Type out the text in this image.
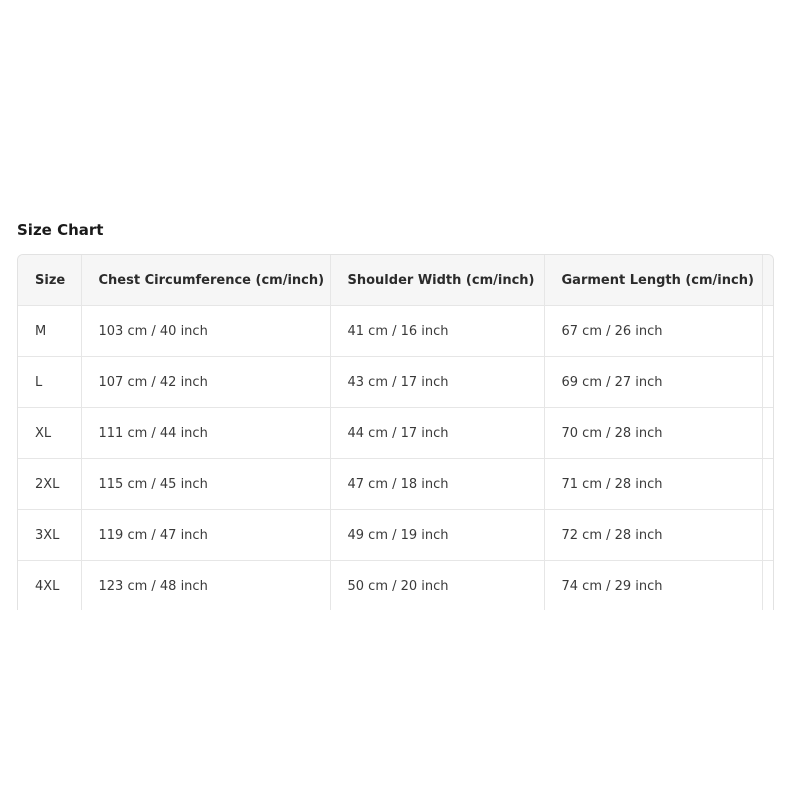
Size Chart
Size	Chest Circumference (cm/inch)	Shoulder Width (cm/inch)	Garment Length (cm/inch)	
M	103 cm / 40 inch	41 cm / 16 inch	67 cm / 26 inch	
L	107 cm / 42 inch	43 cm / 17 inch	69 cm / 27 inch	
XL	111 cm / 44 inch	44 cm / 17 inch	70 cm / 28 inch	
2XL	115 cm / 45 inch	47 cm / 18 inch	71 cm / 28 inch	
3XL	119 cm / 47 inch	49 cm / 19 inch	72 cm / 28 inch	
4XL	123 cm / 48 inch	50 cm / 20 inch	74 cm / 29 inch	
